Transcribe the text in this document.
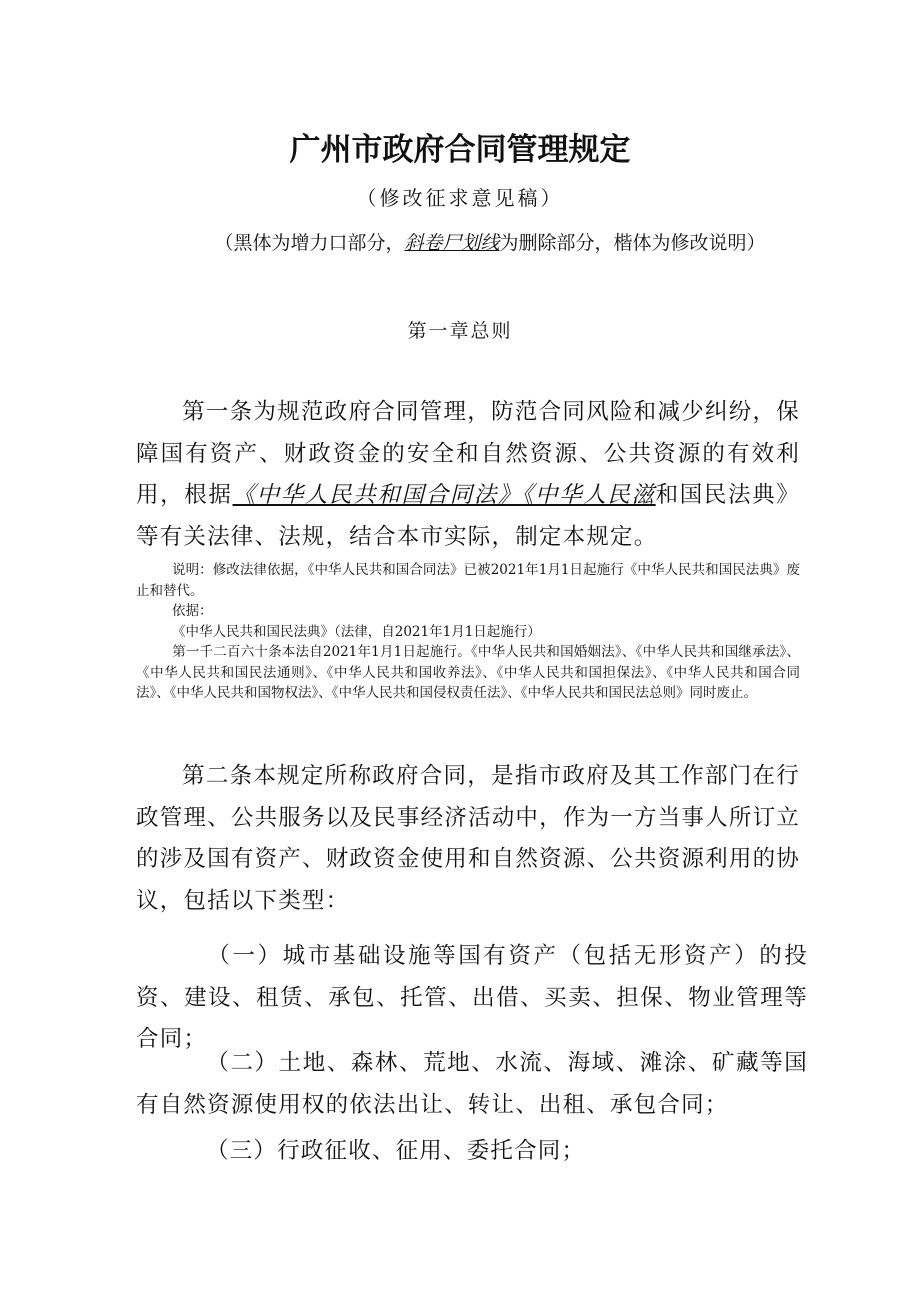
广州市政府合同管理规定
（修改征求意见稿）
（黑体为增力口部分，斜卷尸划线为删除部分，楷体为修改说明）
第一章总则
第一条为规范政府合同管理，防范合同风险和减少纠纷，保障国有资产、财政资金的安全和自然资源、公共资源的有效利用，根据《中华人民共和国合同法》《中华人民滋和国民法典》等有关法律、法规，结合本市实际，制定本规定。
说明：修改法律依据，《中华人民共和国合同法》已被2021年1月1日起施行《中华人民共和国民法典》废止和替代。
依据：
《中华人民共和国民法典》（法律，自2021年1月1日起施行）
第一千二百六十条本法自2021年1月1日起施行。《中华人民共和国婚姻法》、《中华人民共和国继承法》、《中华人民共和国民法通则》、《中华人民共和国收养法》、《中华人民共和国担保法》、《中华人民共和国合同法》、《中华人民共和国物权法》、《中华人民共和国侵权责任法》、《中华人民共和国民法总则》同时废止。
第二条本规定所称政府合同，是指市政府及其工作部门在行政管理、公共服务以及民事经济活动中，作为一方当事人所订立的涉及国有资产、财政资金使用和自然资源、公共资源利用的协议，包括以下类型：
（一）城市基础设施等国有资产（包括无形资产）的投资、建设、租赁、承包、托管、出借、买卖、担保、物业管理等合同；
（二）土地、森林、荒地、水流、海域、滩涂、矿藏等国有自然资源使用权的依法出让、转让、出租、承包合同；
（三）行政征收、征用、委托合同；
